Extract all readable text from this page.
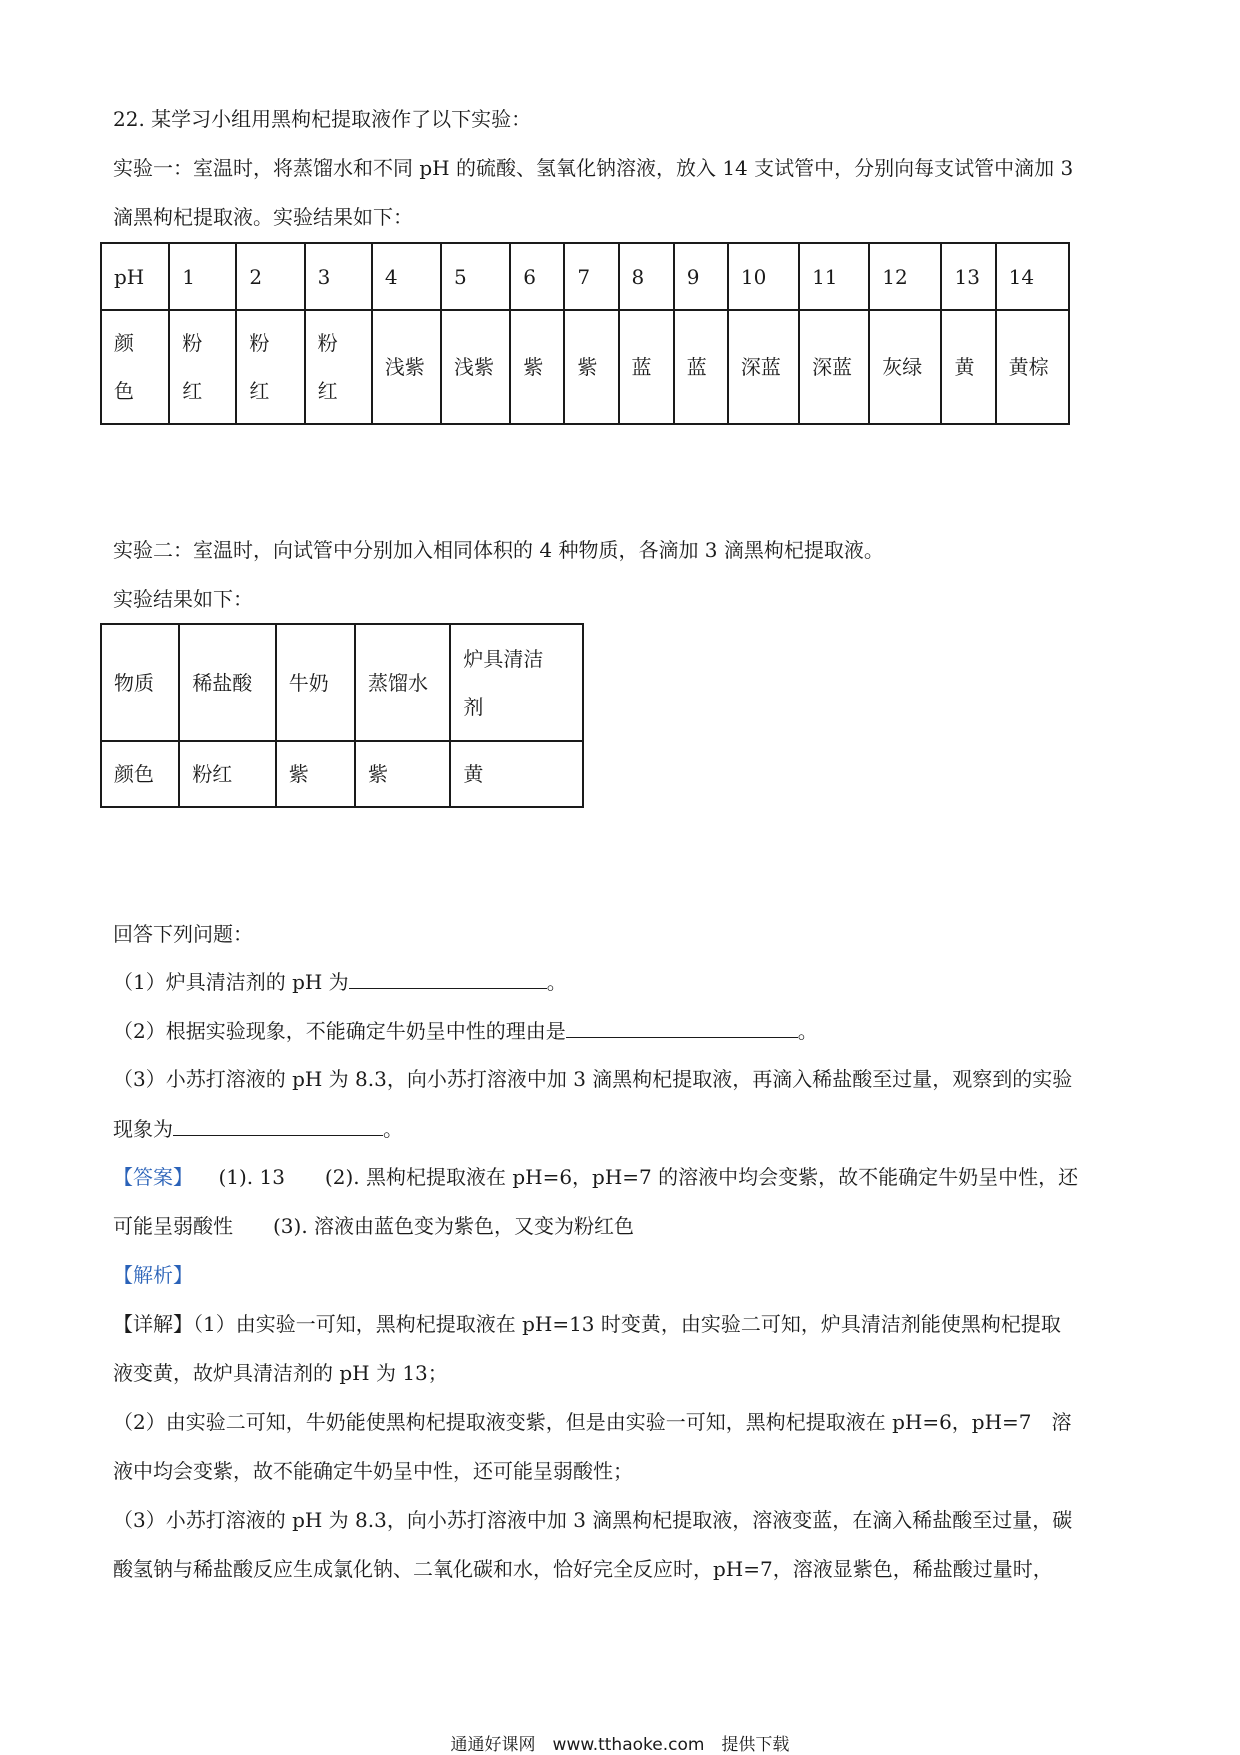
22. 某学习小组用黑枸杞提取液作了以下实验：
实验一：室温时，将蒸馏水和不同 pH 的硫酸、氢氧化钠溶液，放入 14 支试管中，分别向每支试管中滴加 3
滴黑枸杞提取液。实验结果如下：
pH	1	2	3	4	5	6	7	8	9	10	11	12	13	14

颜
色	粉
红	粉
红	粉
红	浅紫	浅紫	紫	紫	蓝	蓝	深蓝	深蓝	灰绿	黄	黄棕
实验二：室温时，向试管中分别加入相同体积的 4 种物质，各滴加 3 滴黑枸杞提取液。
实验结果如下：
物质	稀盐酸	牛奶	蒸馏水	炉具清洁
剂

颜色	粉红	紫	紫	黄
回答下列问题：
（1）炉具清洁剂的 pH 为	。
（2）根据实验现象，不能确定牛奶呈中性的理由是	。
（3）小苏打溶液的 pH 为 8.3，向小苏打溶液中加 3 滴黑枸杞提取液，再滴入稀盐酸至过量，观察到的实验
现象为	。
【答案】 (1). 13　　(2). 黑枸杞提取液在 pH=6，pH=7 的溶液中均会变紫，故不能确定牛奶呈中性，还
可能呈弱酸性　　(3). 溶液由蓝色变为紫色，又变为粉红色
【解析】
【详解】（1）由实验一可知，黑枸杞提取液在 pH=13 时变黄，由实验二可知，炉具清洁剂能使黑枸杞提取
液变黄，故炉具清洁剂的 pH 为 13；
（2）由实验二可知，牛奶能使黑枸杞提取液变紫，但是由实验一可知，黑枸杞提取液在 pH=6，pH=7　溶
液中均会变紫，故不能确定牛奶呈中性，还可能呈弱酸性；
（3）小苏打溶液的 pH 为 8.3，向小苏打溶液中加 3 滴黑枸杞提取液，溶液变蓝，在滴入稀盐酸至过量，碳
酸氢钠与稀盐酸反应生成氯化钠、二氧化碳和水，恰好完全反应时，pH=7，溶液显紫色，稀盐酸过量时，
通通好课网　www.tthaoke.com　提供下载
